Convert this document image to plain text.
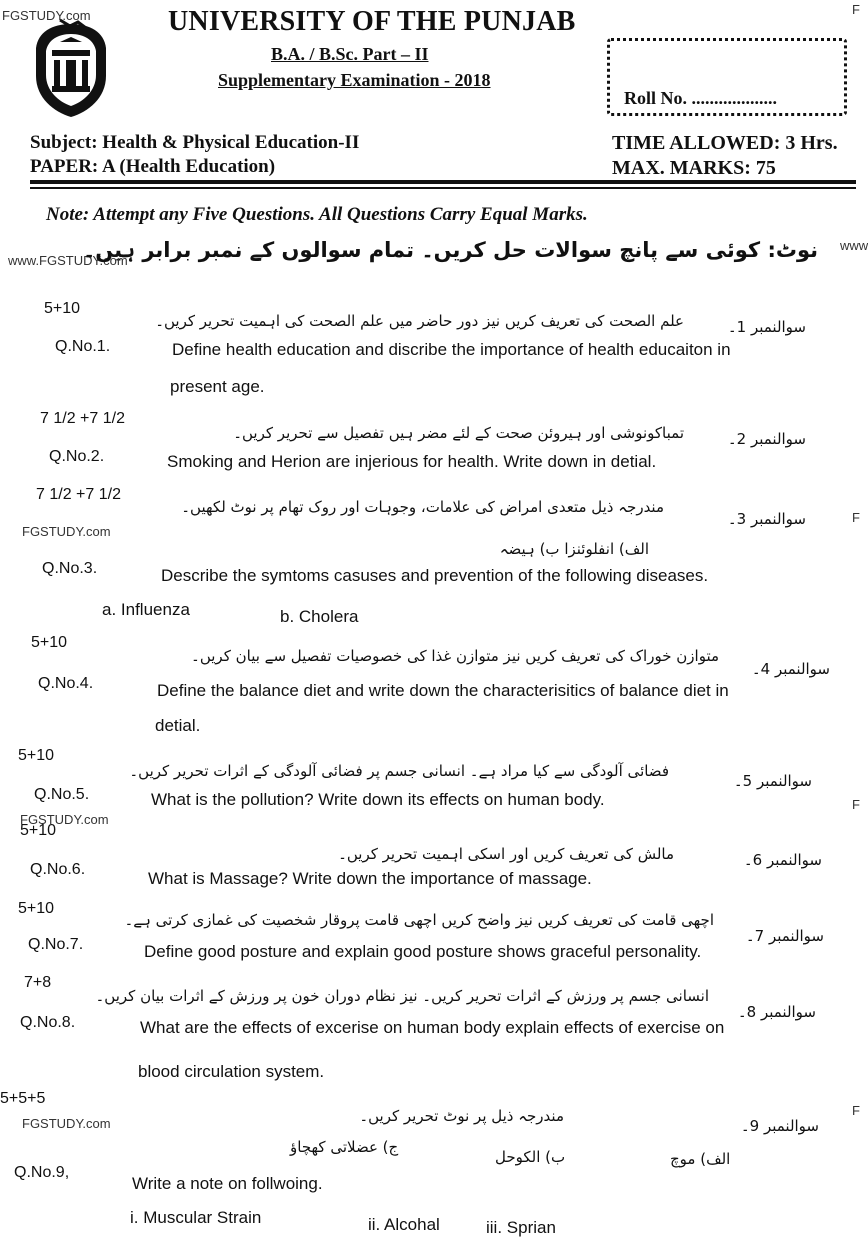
FGSTUDY.com
www.FGSTUDY.com
www
FGSTUDY.com
FGSTUDY.com
FGSTUDY.com
F
F
F
F
UNIVERSITY OF THE PUNJAB
B.A. / B.Sc. Part – II
Supplementary Examination - 2018
Roll No. ...................
Subject: Health & Physical Education-II
PAPER: A (Health Education)
TIME ALLOWED: 3 Hrs.
MAX. MARKS: 75
Note: Attempt any Five Questions. All Questions Carry Equal Marks.
نوٹ: کوئی سے پانچ سوالات حل کریں۔ تمام سوالوں کے نمبر برابر ہیں۔
5+10
علم الصحت کی تعریف کریں نیز دور حاضر میں علم الصحت کی اہمیت تحریر کریں۔	سوالنمبر 1۔
Q.No.1.	Define health education and discribe the importance of health educaiton in
present age.
7 1/2 +7 1/2
تمباکونوشی اور ہیروئن صحت کے لئے مضر ہیں تفصیل سے تحریر کریں۔	سوالنمبر 2۔
Q.No.2.	Smoking and Herion are injerious for health. Write down in detial.
7 1/2 +7 1/2
مندرجہ ذیل متعدی امراض کی علامات، وجوہات اور روک تھام پر نوٹ لکھیں۔
سوالنمبر 3۔
الف) انفلوئنزا ب) ہیضہ
Q.No.3.	Describe the symtoms casuses and prevention of the following diseases.
a. Influenza	b. Cholera
5+10
متوازن خوراک کی تعریف کریں نیز متوازن غذا کی خصوصیات تفصیل سے بیان کریں۔
سوالنمبر 4۔
Q.No.4.	Define the balance diet and write down the characterisitics of balance diet in
detial.
5+10
فضائی آلودگی سے کیا مراد ہے۔ انسانی جسم پر فضائی آلودگی کے اثرات تحریر کریں۔
سوالنمبر 5۔
Q.No.5.	What is the pollution? Write down its effects on human body.
5+10
مالش کی تعریف کریں اور اسکی اہمیت تحریر کریں۔	سوالنمبر 6۔
Q.No.6.	What is Massage? Write down the importance of massage.
5+10
اچھی قامت کی تعریف کریں نیز واضح کریں اچھی قامت پروقار شخصیت کی غمازی کرتی ہے۔
سوالنمبر 7۔
Q.No.7.	Define good posture and explain good posture shows graceful personality.
7+8
انسانی جسم پر ورزش کے اثرات تحریر کریں۔ نیز نظام دوران خون پر ورزش کے اثرات بیان کریں۔
سوالنمبر 8۔
Q.No.8.	What are the effects of excerise on human body explain effects of exercise on
blood circulation system.
5+5+5
مندرجہ ذیل پر نوٹ تحریر کریں۔
سوالنمبر 9۔
الف) موچ
ب) الکوحل
ج) عضلاتی کھچاؤ
Q.No.9,
Write a note on follwoing.
i. Muscular Strain	ii. Alcohal	iii. Sprian
